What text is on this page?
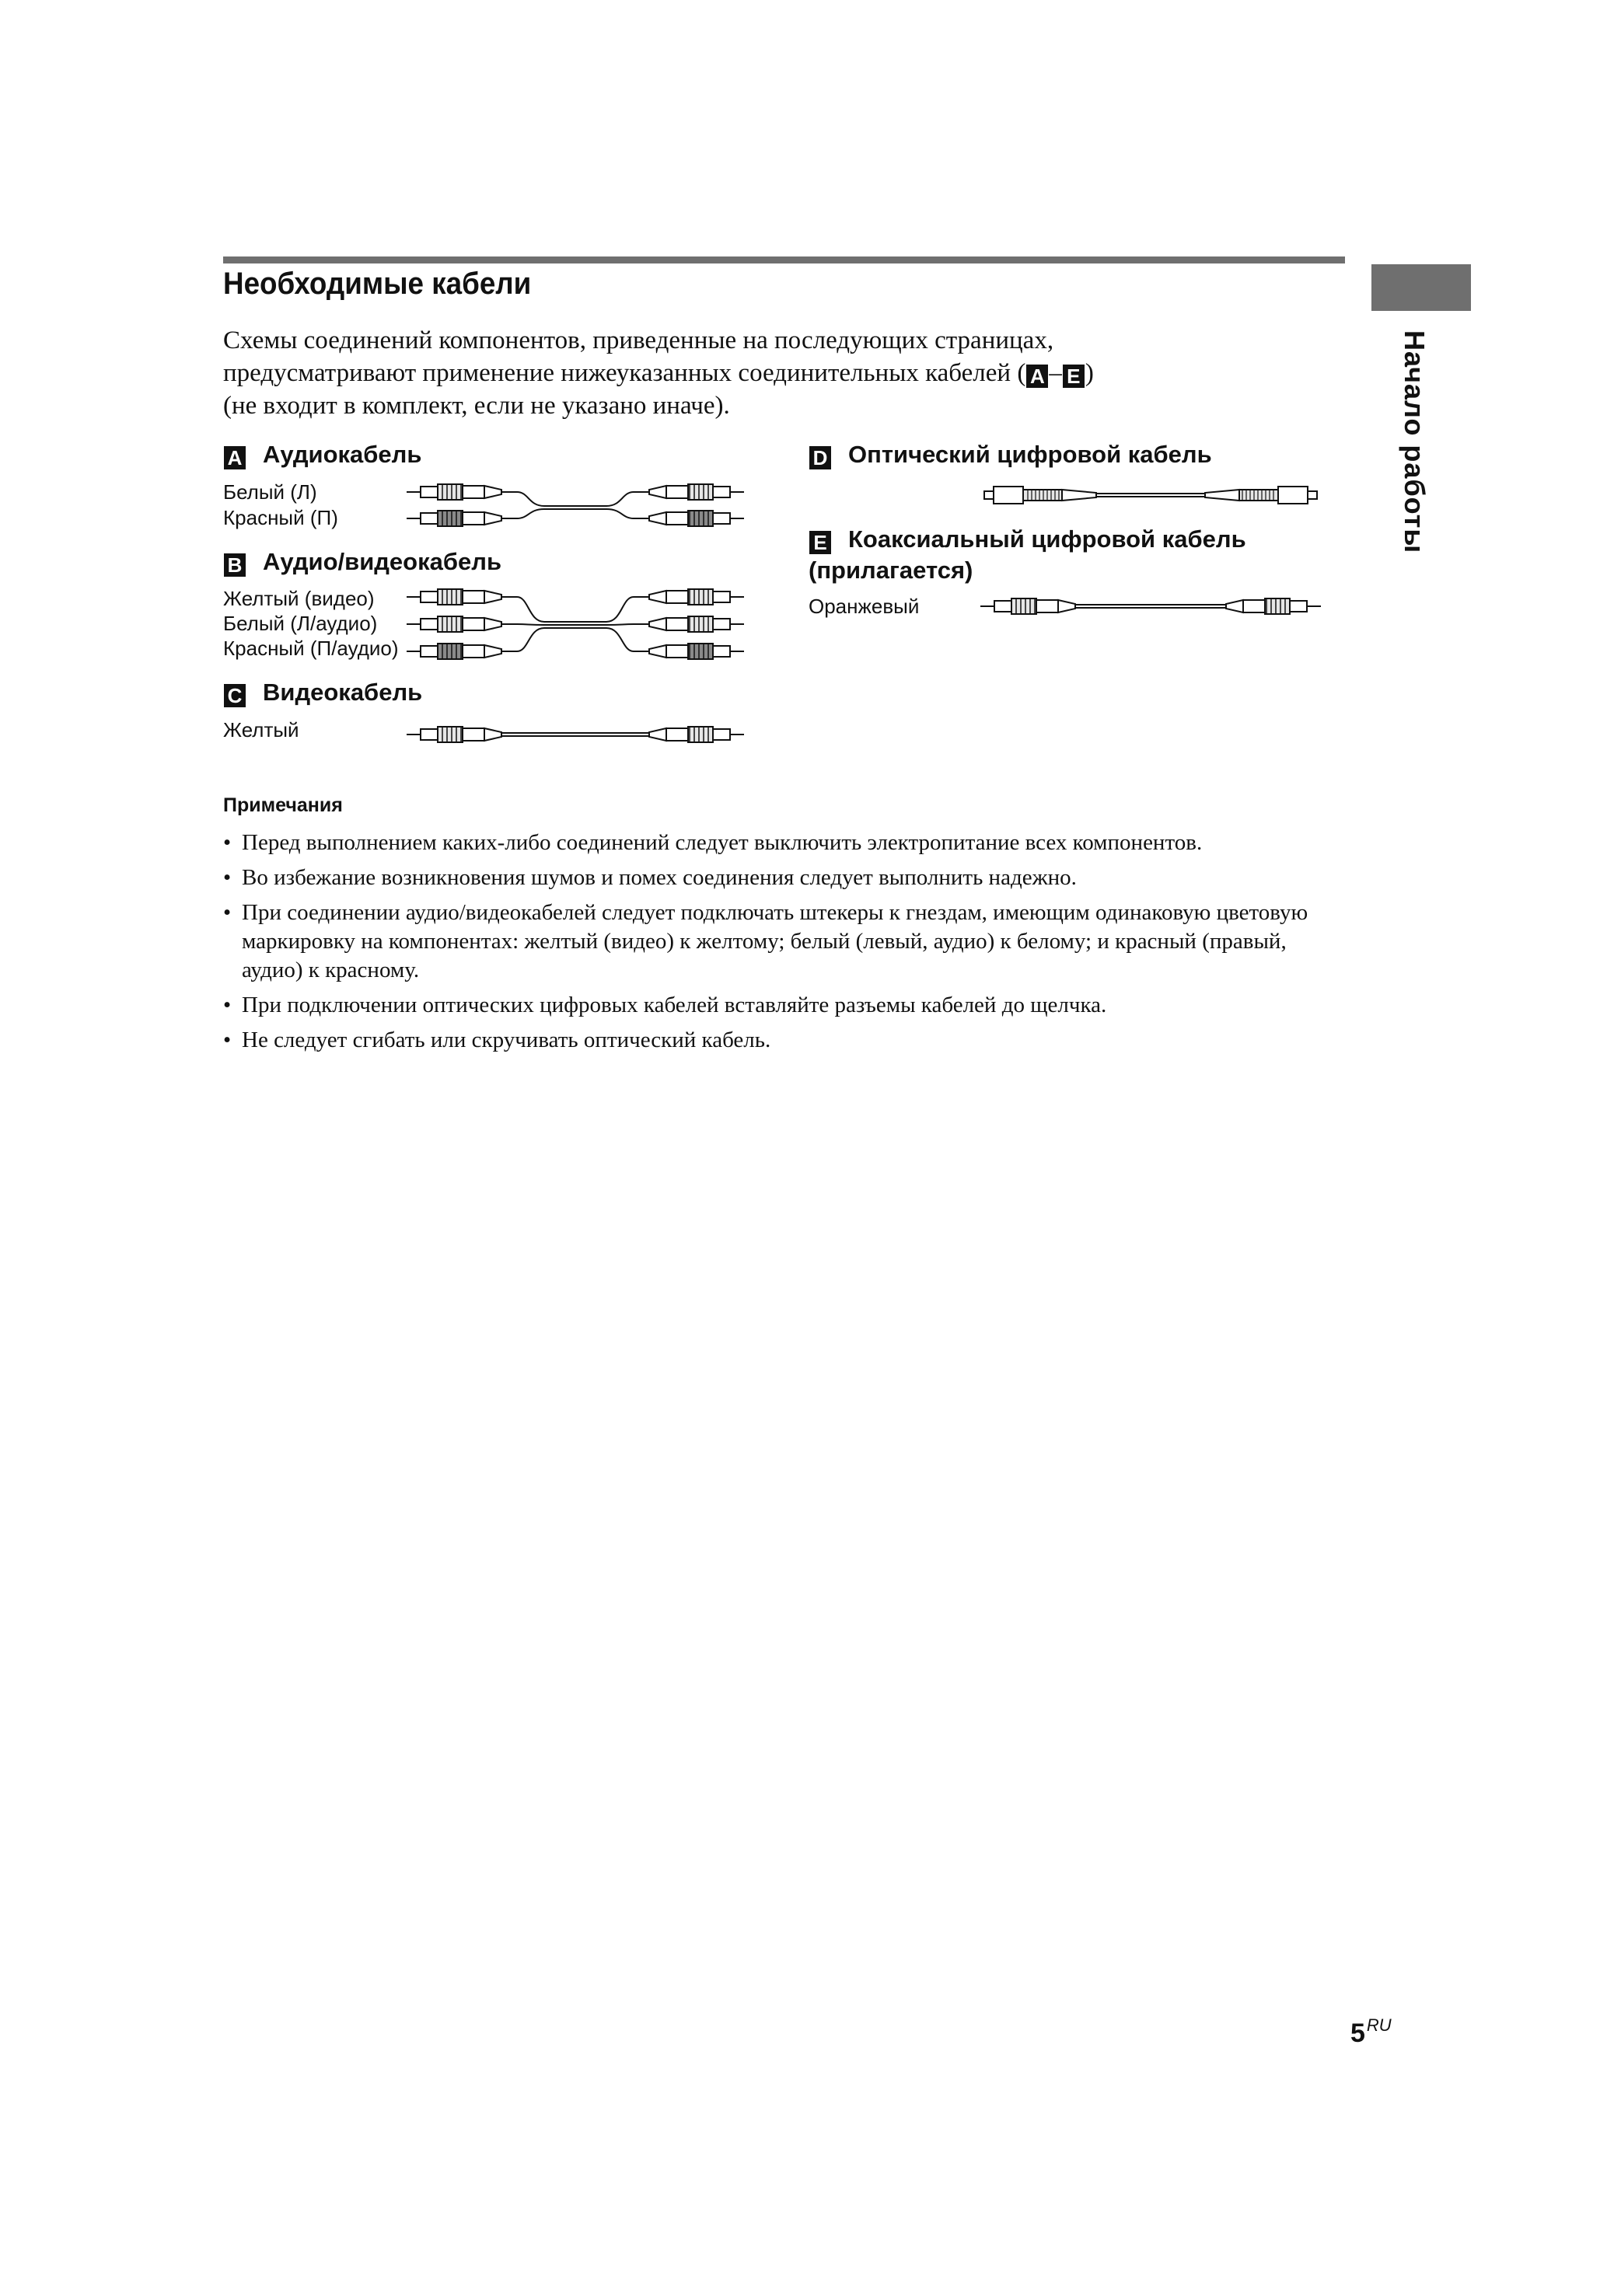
Начало работы
Необходимые кабели
Схемы соединений компонентов, приведенные на последующих страницах,
предусматривают применение нижеуказанных соединительных кабелей ( A – E )
(не входит в комплект, если не указано иначе).
A Аудиокабель
Белый (Л)
Красный (П)
B Аудио/видеокабель
Желтый (видео)
Белый (Л/аудио)
Красный (П/аудио)
C Видеокабель
Желтый
D Оптический цифровой кабель
E Коаксиальный цифровой кабель
(прилагается)
Оранжевый
Примечания
• Перед выполнением каких-либо соединений следует выключить электропитание всех компонентов.
• Во избежание возникновения шумов и помех соединения следует выполнить надежно.
• При соединении аудио/видеокабелей следует подключать штекеры к гнездам, имеющим одинаковую цветовую маркировку на компонентах: желтый (видео) к желтому; белый (левый, аудио) к белому; и красный (правый, аудио) к красному.
• При подключении оптических цифровых кабелей вставляйте разъемы кабелей до щелчка.
• Не следует сгибать или скручивать оптический кабель.
$5^{RU}$
